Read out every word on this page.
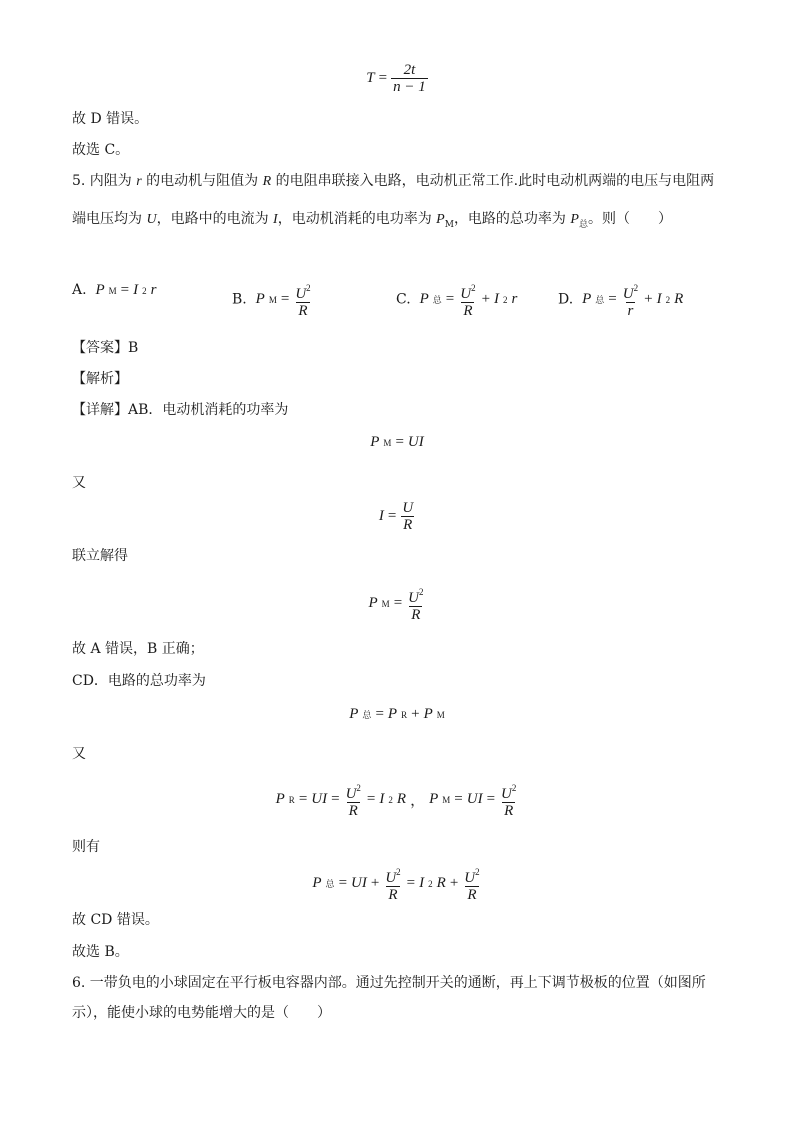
$T = \frac{2t}{n - 1}$
故 D 错误。
故选 C。
5. 内阻为 r 的电动机与阻值为 R 的电阻串联接入电路，电动机正常工作.此时电动机两端的电压与电阻两
端电压均为 U，电路中的电流为 I，电动机消耗的电功率为 $P_M$，电路的总功率为 $P_总$。则（　　）
A. P M = I 2 r
B. P $M = \frac{U^2}{R}$	C. P 总 = $\frac{U^2}{R} + I$ 2 r	D. P 总 = $\frac{U^2}{r} + I$ 2 R
【答案】B
【解析】
【详解】AB．电动机消耗的功率为
P M = UI
又
$I = \frac{U}{R}$
联立解得
P $M = \frac{U^2}{R}$
故 A 错误，B 正确；
CD．电路的总功率为
P 总 = P R + P M
又
P R = UI = $\frac{U^2}{R} = I$ 2 R ， P M = UI = $\frac{U^2}{R}$
则有
P 总 = UI + $\frac{U^2}{R} = I$ 2 $R + \frac{U^2}{R}$
故 CD 错误。
故选 B。
6. 一带负电的小球固定在平行板电容器内部。通过先控制开关的通断，再上下调节极板的位置（如图所
示），能使小球的电势能增大的是（　　）
